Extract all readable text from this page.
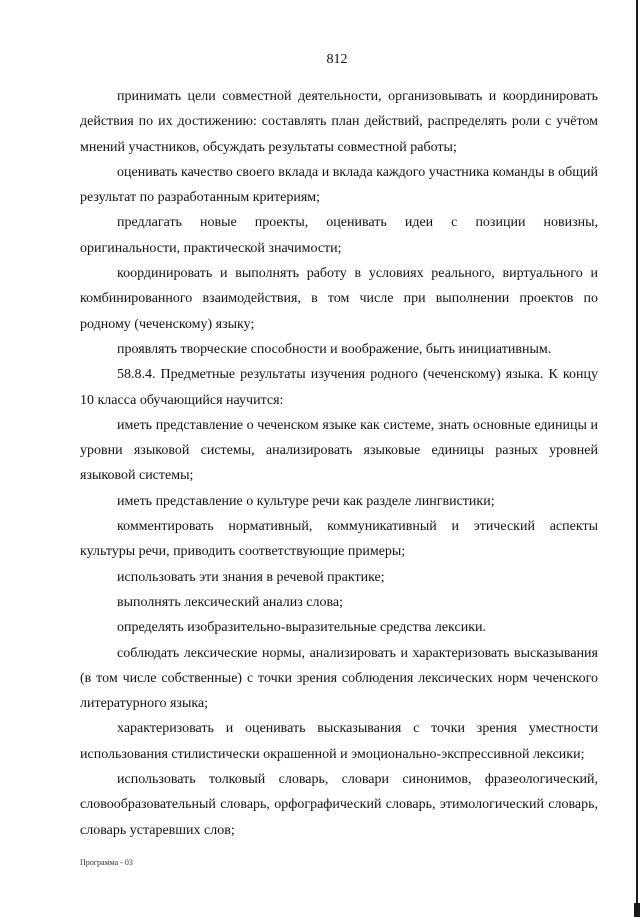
812

принимать цели совместной деятельности, организовывать и координировать действия по их достижению: составлять план действий, распределять роли с учётом мнений участников, обсуждать результаты совместной работы;

оценивать качество своего вклада и вклада каждого участника команды в общий результат по разработанным критериям;

предлагать новые проекты, оценивать идеи с позиции новизны, оригинальности, практической значимости;

координировать и выполнять работу в условиях реального, виртуального и комбинированного взаимодействия, в том числе при выполнении проектов по родному (чеченскому) языку;

проявлять творческие способности и воображение, быть инициативным.

58.8.4. Предметные результаты изучения родного (чеченскому) языка. К концу 10 класса обучающийся научится:

иметь представление о чеченском языке как системе, знать основные единицы и уровни языковой системы, анализировать языковые единицы разных уровней языковой системы;

иметь представление о культуре речи как разделе лингвистики;

комментировать нормативный, коммуникативный и этический аспекты культуры речи, приводить соответствующие примеры;

использовать эти знания в речевой практике;

выполнять лексический анализ слова;

определять изобразительно-выразительные средства лексики.

соблюдать лексические нормы, анализировать и характеризовать высказывания (в том числе собственные) с точки зрения соблюдения лексических норм чеченского литературного языка;

характеризовать и оценивать высказывания с точки зрения уместности использования стилистически окрашенной и эмоционально-экспрессивной лексики;

использовать толковый словарь, словари синонимов, фразеологический, словообразовательный словарь, орфографический словарь, этимологический словарь, словарь устаревших слов;

Программа - 03
